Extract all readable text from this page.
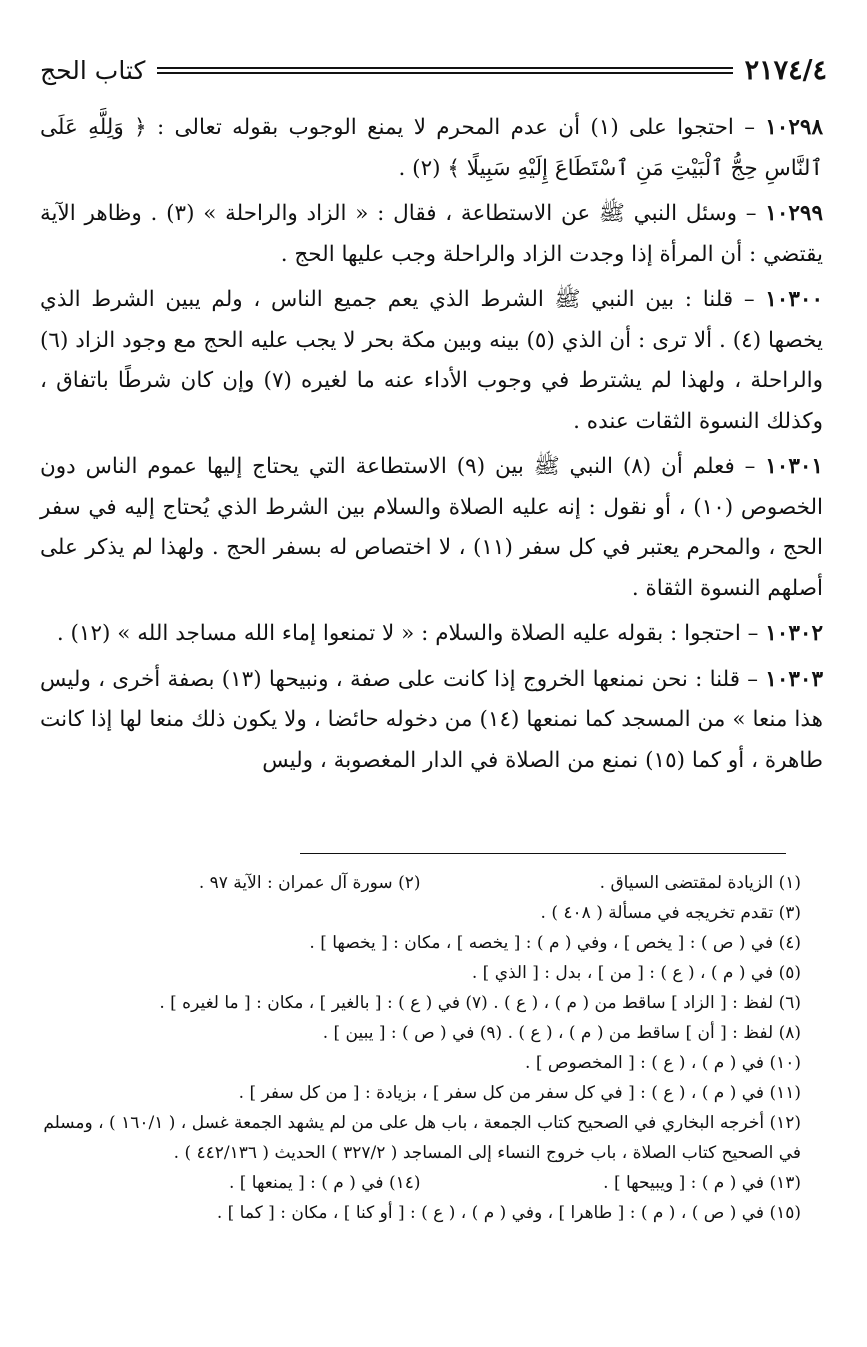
٢١٧٤/٤
كتاب الحج

١٠٢٩٨ – احتجوا على (١) أن عدم المحرم لا يمنع الوجوب بقوله تعالى : ﴿ وَلِلَّهِ عَلَى ٱلنَّاسِ حِجُّ ٱلْبَيْتِ مَنِ ٱسْتَطَاعَ إِلَيْهِ سَبِيلًا ﴾ (٢) .

١٠٢٩٩ – وسئل النبي ﷺ عن الاستطاعة ، فقال : « الزاد والراحلة » (٣) . وظاهر الآية يقتضي : أن المرأة إذا وجدت الزاد والراحلة وجب عليها الحج .

١٠٣٠٠ – قلنا : بين النبي ﷺ الشرط الذي يعم جميع الناس ، ولم يبين الشرط الذي يخصها (٤) . ألا ترى : أن الذي (٥) بينه وبين مكة بحر لا يجب عليه الحج مع وجود الزاد (٦) والراحلة ، ولهذا لم يشترط في وجوب الأداء عنه ما لغيره (٧) وإن كان شرطًا باتفاق ، وكذلك النسوة الثقات عنده .

١٠٣٠١ – فعلم أن (٨) النبي ﷺ بين (٩) الاستطاعة التي يحتاج إليها عموم الناس دون الخصوص (١٠) ، أو نقول : إنه عليه الصلاة والسلام بين الشرط الذي يُحتاج إليه في سفر الحج ، والمحرم يعتبر في كل سفر (١١) ، لا اختصاص له بسفر الحج . ولهذا لم يذكر على أصلهم النسوة الثقاة .

١٠٣٠٢ – احتجوا : بقوله عليه الصلاة والسلام : « لا تمنعوا إماء الله مساجد الله » (١٢) .

١٠٣٠٣ – قلنا : نحن نمنعها الخروج إذا كانت على صفة ، ونبيحها (١٣) بصفة أخرى ، وليس هذا منعا » من المسجد كما نمنعها (١٤) من دخوله حائضا ، ولا يكون ذلك منعا لها إذا كانت طاهرة ، أو كما (١٥) نمنع من الصلاة في الدار المغصوبة ، وليس

(١) الزيادة لمقتضى السياق .
(٢) سورة آل عمران : الآية ٩٧ .
(٣) تقدم تخريجه في مسألة ( ٤٠٨ ) .
(٤) في ( ص ) : [ يخص ] ، وفي ( م ) : [ يخصه ] ، مكان : [ يخصها ] .
(٥) في ( م ) ، ( ع ) : [ من ] ، بدل : [ الذي ] .
(٦) لفظ : [ الزاد ] ساقط من ( م ) ، ( ع ) . (٧) في ( ع ) : [ بالغير ] ، مكان : [ ما لغيره ] .
(٨) لفظ : [ أن ] ساقط من ( م ) ، ( ع ) . (٩) في ( ص ) : [ يبين ] .
(١٠) في ( م ) ، ( ع ) : [ المخصوص ] .
(١١) في ( م ) ، ( ع ) : [ في كل سفر من كل سفر ] ، بزيادة : [ من كل سفر ] .
(١٢) أخرجه البخاري في الصحيح كتاب الجمعة ، باب هل على من لم يشهد الجمعة غسل ، ( ١٦٠/١ ) ، ومسلم في الصحيح كتاب الصلاة ، باب خروج النساء إلى المساجد ( ٣٢٧/٢ ) الحديث ( ٤٤٢/١٣٦ ) .
(١٣) في ( م ) : [ ويبيحها ] .
(١٤) في ( م ) : [ يمنعها ] .
(١٥) في ( ص ) ، ( م ) : [ طاهرا ] ، وفي ( م ) ، ( ع ) : [ أو كنا ] ، مكان : [ كما ] .
